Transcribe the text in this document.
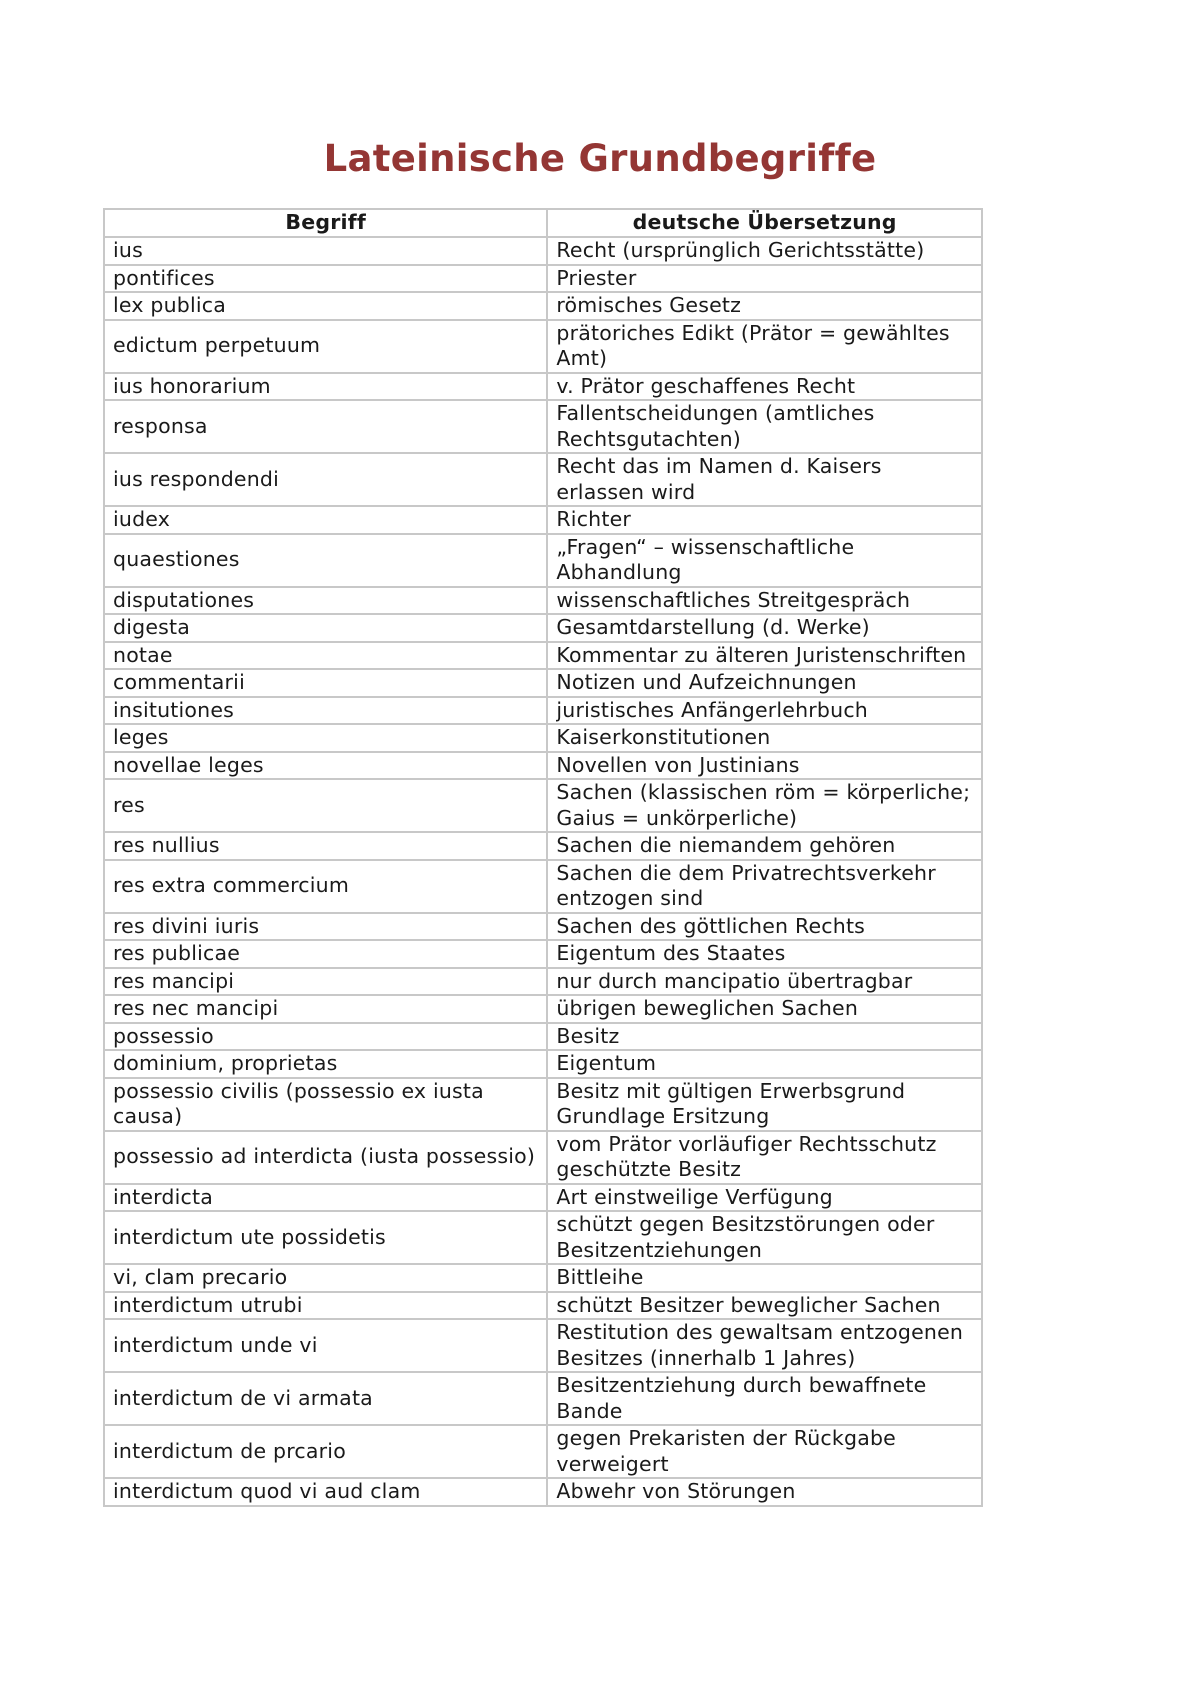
Lateinische Grundbegriffe
Begriff	deutsche Übersetzung
ius	Recht (ursprünglich Gerichtsstätte)
pontifices	Priester
lex publica	römisches Gesetz
edictum perpetuum	prätoriches Edikt (Prätor = gewähltes Amt)
ius honorarium	v. Prätor geschaffenes Recht
responsa	Fallentscheidungen (amtliches Rechtsgutachten)
ius respondendi	Recht das im Namen d. Kaisers erlassen wird
iudex	Richter
quaestiones	„Fragen“ – wissenschaftliche Abhandlung
disputationes	wissenschaftliches Streitgespräch
digesta	Gesamtdarstellung (d. Werke)
notae	Kommentar zu älteren Juristenschriften
commentarii	Notizen und Aufzeichnungen
insitutiones	juristisches Anfängerlehrbuch
leges	Kaiserkonstitutionen
novellae leges	Novellen von Justinians
res	Sachen (klassischen röm = körperliche; Gaius = unkörperliche)
res nullius	Sachen die niemandem gehören
res extra commercium	Sachen die dem Privatrechtsverkehr entzogen sind
res divini iuris	Sachen des göttlichen Rechts
res publicae	Eigentum des Staates
res mancipi	nur durch mancipatio übertragbar
res nec mancipi	übrigen beweglichen Sachen
possessio	Besitz
dominium, proprietas	Eigentum
possessio civilis (possessio ex iusta causa)	Besitz mit gültigen Erwerbsgrund Grundlage Ersitzung
possessio ad interdicta (iusta possessio)	vom Prätor vorläufiger Rechtsschutz geschützte Besitz
interdicta	Art einstweilige Verfügung
interdictum ute possidetis	schützt gegen Besitzstörungen oder Besitzentziehungen
vi, clam precario	Bittleihe
interdictum utrubi	schützt Besitzer beweglicher Sachen
interdictum unde vi	Restitution des gewaltsam entzogenen Besitzes (innerhalb 1 Jahres)
interdictum de vi armata	Besitzentziehung durch bewaffnete Bande
interdictum de prcario	gegen Prekaristen der Rückgabe verweigert
interdictum quod vi aud clam	Abwehr von Störungen
